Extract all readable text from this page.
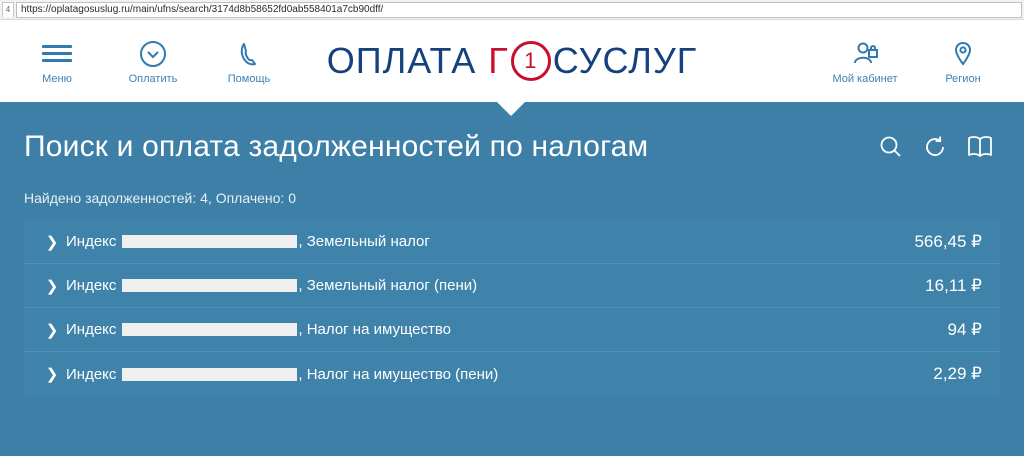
4	https://oplatagosuslug.ru/main/ufns/search/3174d8b58652fd0ab558401a7cb90dff/
Меню	Оплатить	Помощь ОПЛАТА Г 1 СУСЛУГ	Мой кабинет	Регион
Поиск и оплата задолженностей по налогам
Найдено задолженностей: 4, Оплачено: 0
❯ Индекс	, Земельный налог	566,45 ₽
❯ Индекс	, Земельный налог (пени)	16,11 ₽
❯ Индекс	, Налог на имущество	94 ₽
❯ Индекс	, Налог на имущество (пени)	2,29 ₽
